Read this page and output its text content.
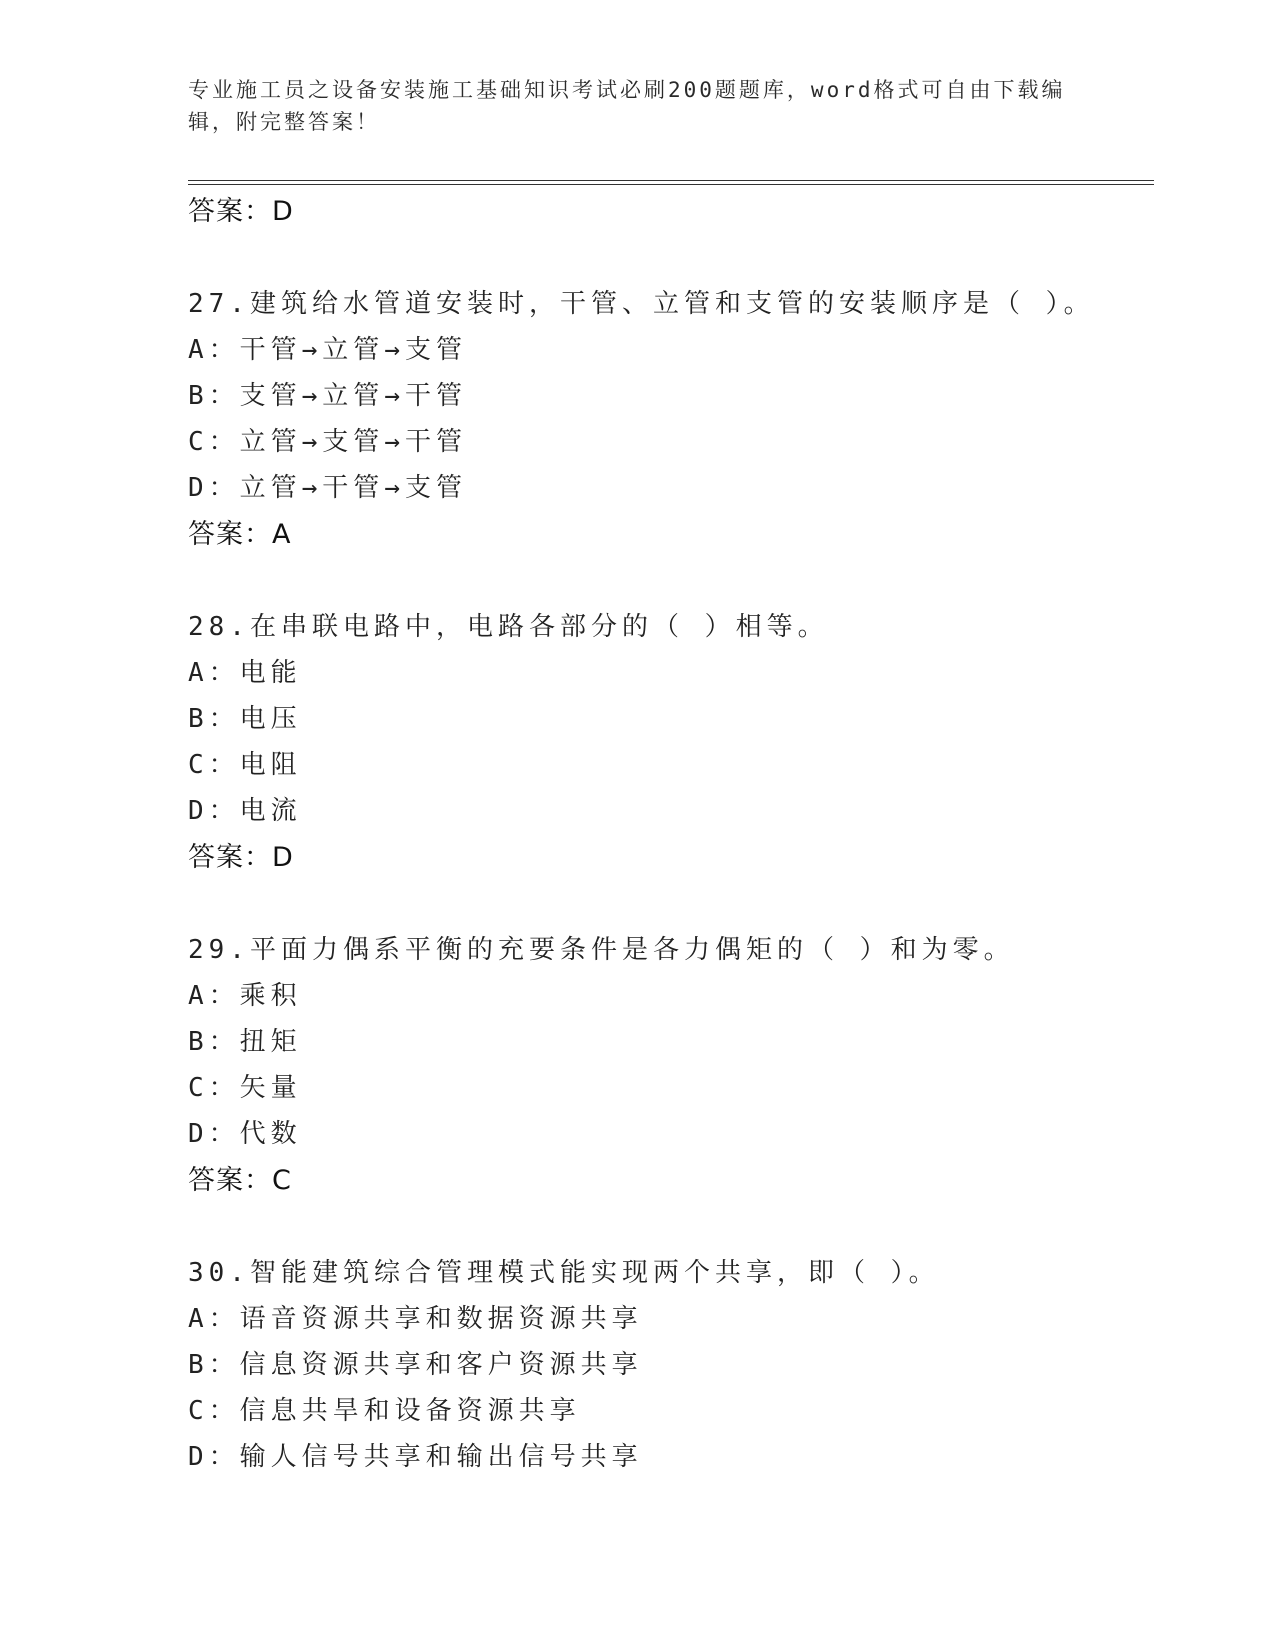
专业施工员之设备安装施工基础知识考试必刷200题题库，word格式可自由下载编辑，附完整答案！
答案：D
27.建筑给水管道安装时，干管、立管和支管的安装顺序是（ ）。
A：干管→立管→支管
B：支管→立管→干管
C：立管→支管→干管
D：立管→干管→支管
答案：A
28.在串联电路中，电路各部分的（ ）相等。
A：电能
B：电压
C：电阻
D：电流
答案：D
29.平面力偶系平衡的充要条件是各力偶矩的（ ）和为零。
A：乘积
B：扭矩
C：矢量
D：代数
答案：C
30.智能建筑综合管理模式能实现两个共享，即（ ）。
A：语音资源共享和数据资源共享
B：信息资源共享和客户资源共享
C：信息共旱和设备资源共享
D：输人信号共享和输出信号共享
